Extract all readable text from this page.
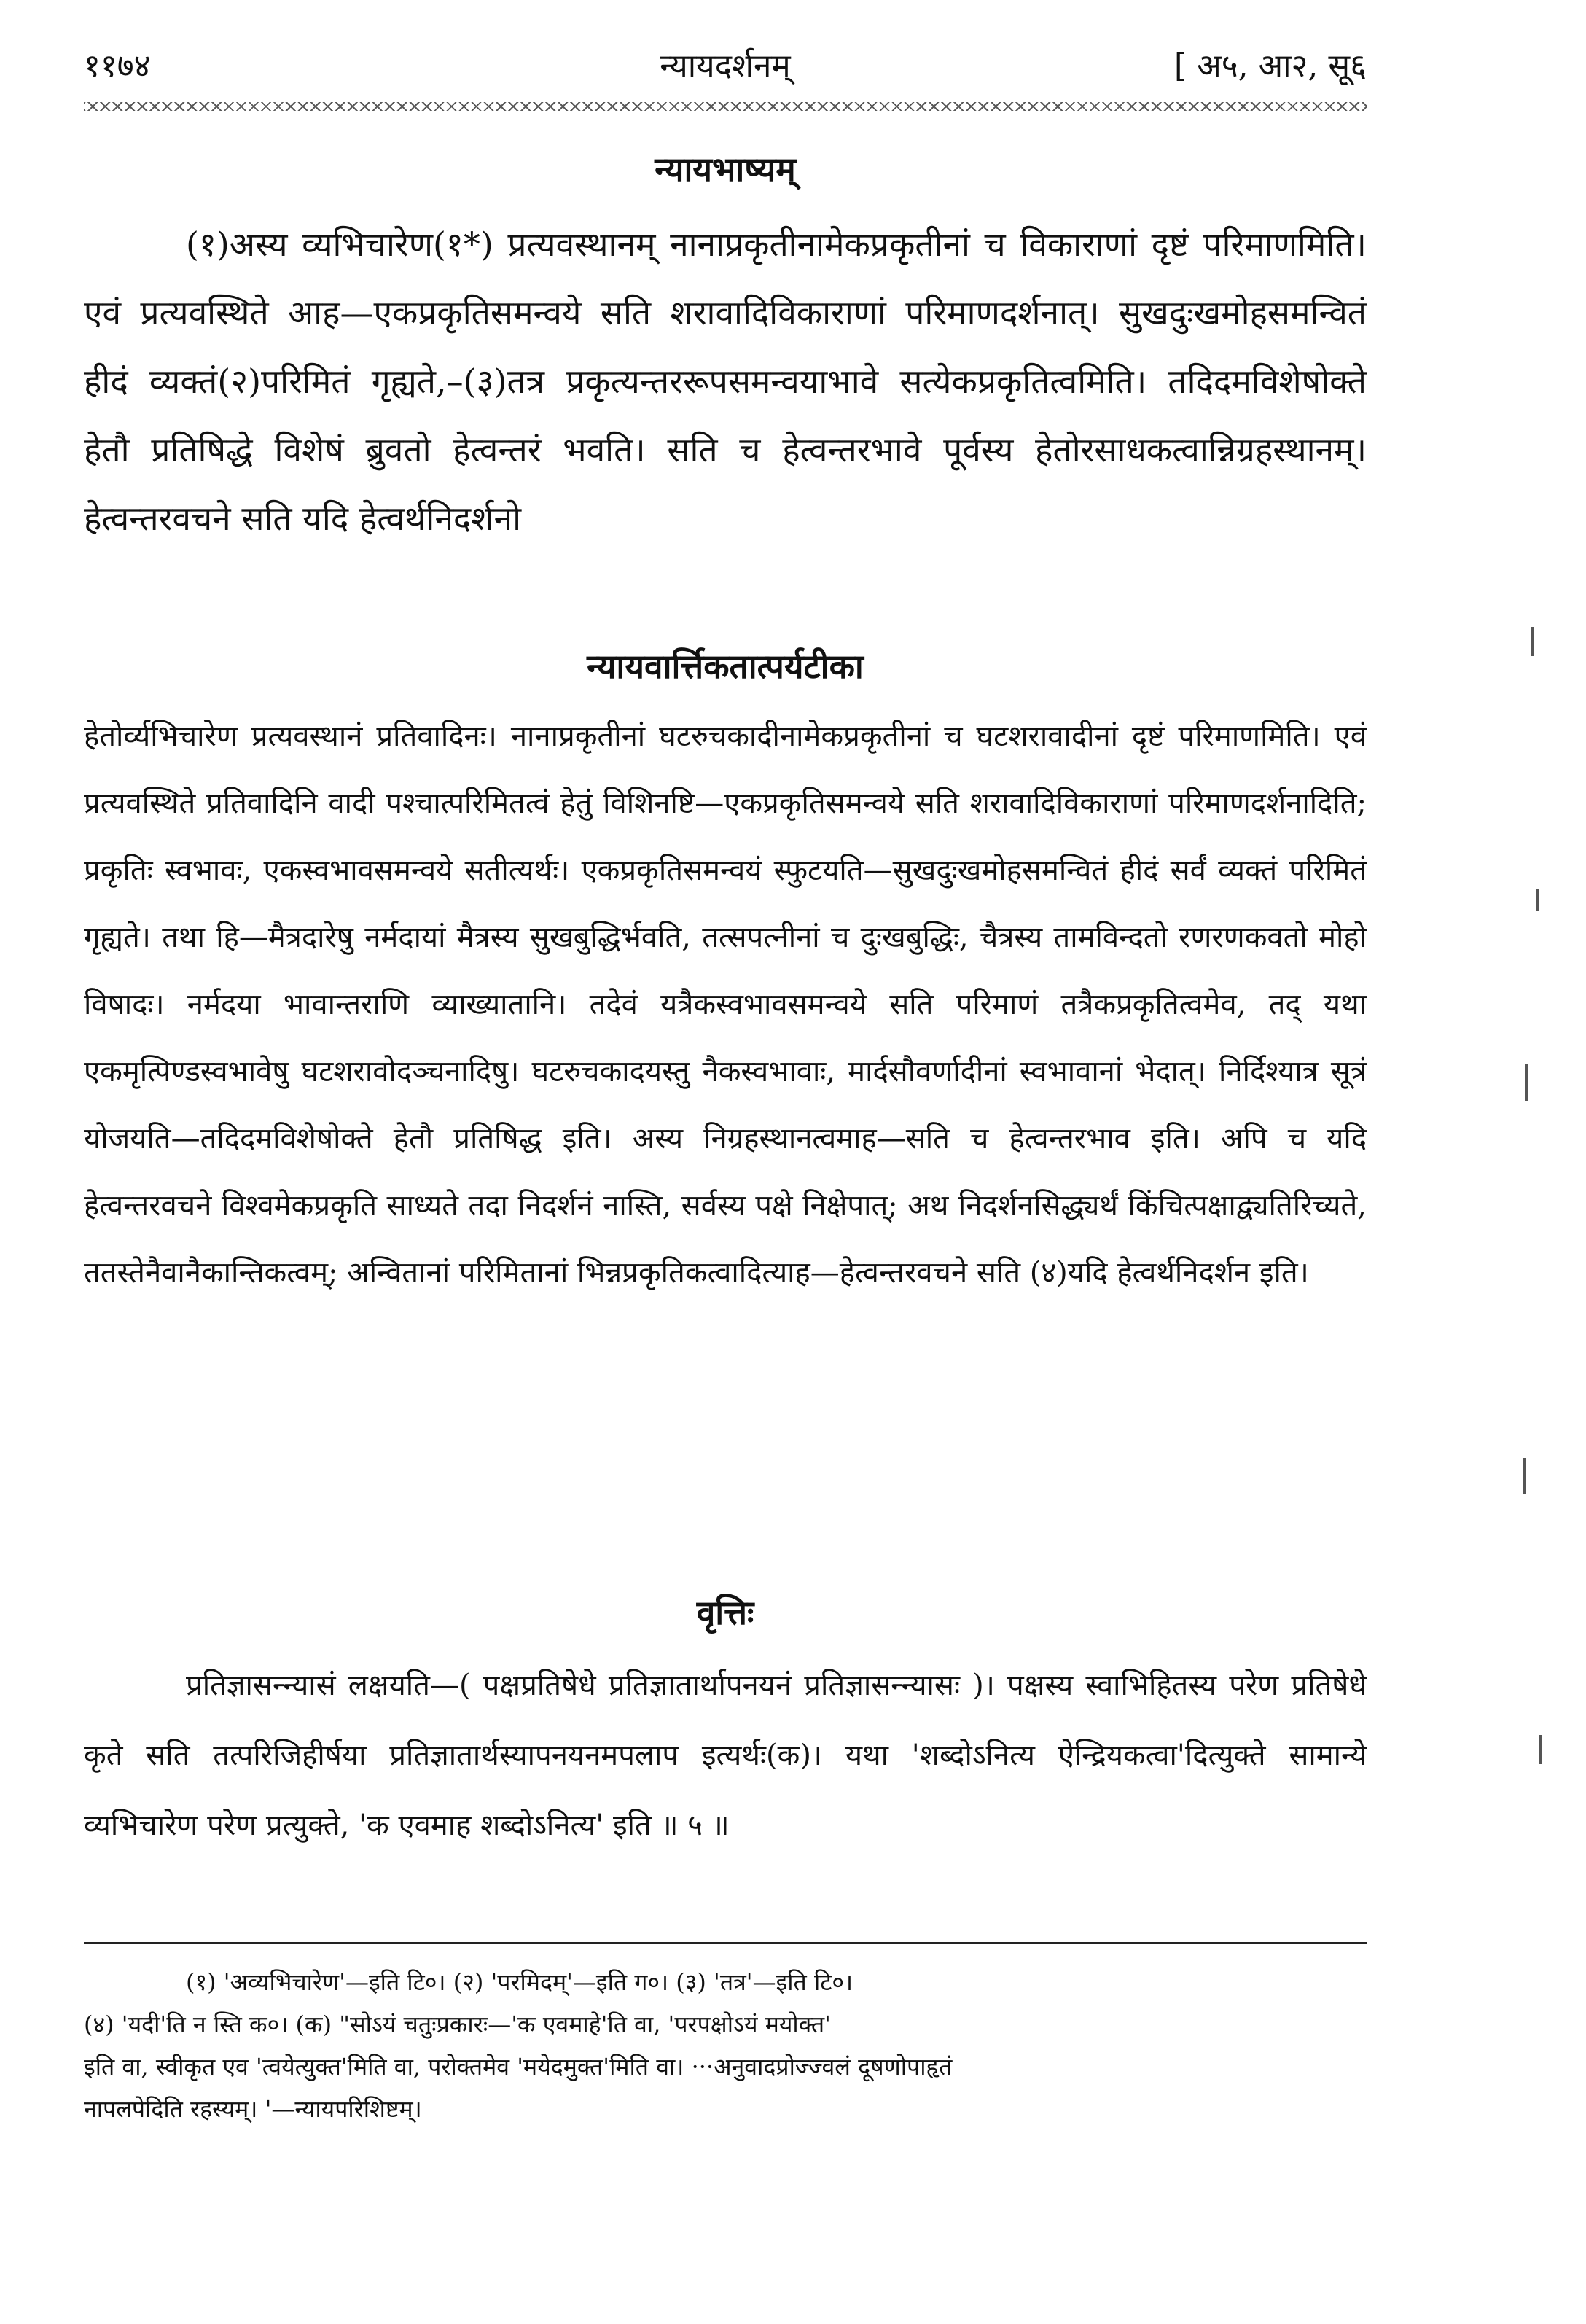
११७४	न्यायदर्शनम्	[ अ५, आ२, सू६
न्यायभाष्यम्
(१)अस्य व्यभिचारेण(१*) प्रत्यवस्थानम् नानाप्रकृतीनामेकप्रकृतीनां च विकाराणां दृष्टं परिमाणमिति। एवं प्रत्यवस्थिते आह—एकप्रकृतिसमन्वये सति शरावादिविकाराणां परिमाणदर्शनात्। सुखदुःखमोहसमन्वितं हीदं व्यक्तं(२)परिमितं गृह्यते,–(३)तत्र प्रकृत्यन्तररूपसमन्वयाभावे सत्येकप्रकृतित्वमिति। तदिदमविशेषोक्ते हेतौ प्रतिषिद्धे विशेषं ब्रुवतो हेत्वन्तरं भवति। सति च हेत्वन्तरभावे पूर्वस्य हेतोरसाधकत्वान्निग्रहस्थानम्। हेत्वन्तरवचने सति यदि हेत्वर्थनिदर्शनो
न्यायवार्त्तिकतात्पर्यटीका
हेतोर्व्यभिचारेण प्रत्यवस्थानं प्रतिवादिनः। नानाप्रकृतीनां घटरुचकादीनामेकप्रकृतीनां च घटशरावादीनां दृष्टं परिमाणमिति। एवं प्रत्यवस्थिते प्रतिवादिनि वादी पश्चात्परिमितत्वं हेतुं विशिनष्टि—एकप्रकृतिसमन्वये सति शरावादिविकाराणां परिमाणदर्शनादिति; प्रकृतिः स्वभावः, एकस्वभावसमन्वये सतीत्यर्थः। एकप्रकृतिसमन्वयं स्फुटयति—सुखदुःखमोहसमन्वितं हीदं सर्वं व्यक्तं परिमितं गृह्यते। तथा हि—मैत्रदारेषु नर्मदायां मैत्रस्य सुखबुद्धिर्भवति, तत्सपत्नीनां च दुःखबुद्धिः, चैत्रस्य तामविन्दतो रणरणकवतो मोहो विषादः। नर्मदया भावान्तराणि व्याख्यातानि। तदेवं यत्रैकस्वभावसमन्वये सति परिमाणं तत्रैकप्रकृतित्वमेव, तद् यथा एकमृत्पिण्डस्वभावेषु घटशरावोदञ्चनादिषु। घटरुचकादयस्तु नैकस्वभावाः, मार्दसौवर्णादीनां स्वभावानां भेदात्। निर्दिश्यात्र सूत्रं योजयति—तदिदमविशेषोक्ते हेतौ प्रतिषिद्ध इति। अस्य निग्रहस्थानत्वमाह—सति च हेत्वन्तरभाव इति। अपि च यदि हेत्वन्तरवचने विश्वमेकप्रकृति साध्यते तदा निदर्शनं नास्ति, सर्वस्य पक्षे निक्षेपात्; अथ निदर्शनसिद्ध्यर्थं किंचित्पक्षाद्व्यतिरिच्यते, ततस्तेनैवानैकान्तिकत्वम्; अन्वितानां परिमितानां भिन्नप्रकृतिकत्वादित्याह—हेत्वन्तरवचने सति (४)यदि हेत्वर्थनिदर्शन इति।
वृत्तिः
प्रतिज्ञासन्न्यासं लक्षयति—( पक्षप्रतिषेधे प्रतिज्ञातार्थापनयनं प्रतिज्ञासन्न्यासः )। पक्षस्य स्वाभिहितस्य परेण प्रतिषेधे कृते सति तत्परिजिहीर्षया प्रतिज्ञातार्थस्यापनयनमपलाप इत्यर्थः(क)। यथा 'शब्दोऽनित्य ऐन्द्रियकत्वा'दित्युक्ते सामान्ये व्यभिचारेण परेण प्रत्युक्ते, 'क एवमाह शब्दोऽनित्य' इति ॥ ५ ॥
(१) 'अव्यभिचारेण'—इति टि०। (२) 'परमिदम्'—इति ग०। (३) 'तत्र'—इति टि०।
(४) 'यदी'ति न स्ति क०। (क) "सोऽयं चतुःप्रकारः—'क एवमाहे'ति वा, 'परपक्षोऽयं मयोक्त'
इति वा, स्वीकृत एव 'त्वयेत्युक्त'मिति वा, परोक्तमेव 'मयेदमुक्त'मिति वा। ···अनुवादप्रोज्ज्वलं दूषणोपाहृतं
नापलपेदिति रहस्यम्। '—न्यायपरिशिष्टम्।
